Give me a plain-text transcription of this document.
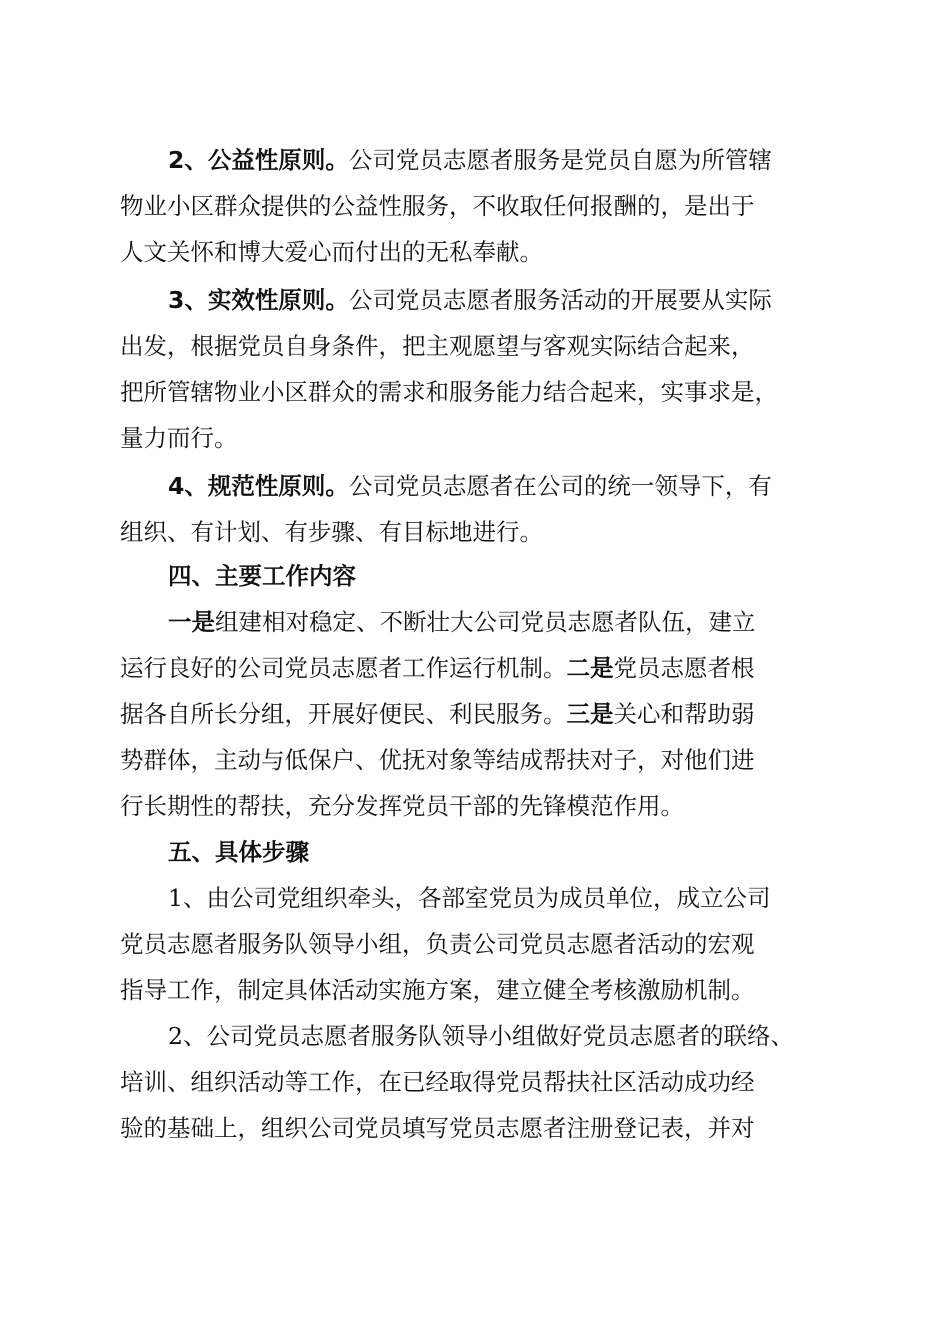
2、公益性原则。公司党员志愿者服务是党员自愿为所管辖
物业小区群众提供的公益性服务，不收取任何报酬的，是出于
人文关怀和博大爱心而付出的无私奉献。
3、实效性原则。公司党员志愿者服务活动的开展要从实际
出发，根据党员自身条件，把主观愿望与客观实际结合起来，
把所管辖物业小区群众的需求和服务能力结合起来，实事求是，
量力而行。
4、规范性原则。公司党员志愿者在公司的统一领导下，有
组织、有计划、有步骤、有目标地进行。
四、主要工作内容
一是组建相对稳定、不断壮大公司党员志愿者队伍，建立
运行良好的公司党员志愿者工作运行机制。二是党员志愿者根
据各自所长分组，开展好便民、利民服务。三是关心和帮助弱
势群体，主动与低保户、优抚对象等结成帮扶对子，对他们进
行长期性的帮扶，充分发挥党员干部的先锋模范作用。
五、具体步骤
1、由公司党组织牵头，各部室党员为成员单位，成立公司
党员志愿者服务队领导小组，负责公司党员志愿者活动的宏观
指导工作，制定具体活动实施方案，建立健全考核激励机制。
2、公司党员志愿者服务队领导小组做好党员志愿者的联络、
培训、组织活动等工作，在已经取得党员帮扶社区活动成功经
验的基础上，组织公司党员填写党员志愿者注册登记表，并对
